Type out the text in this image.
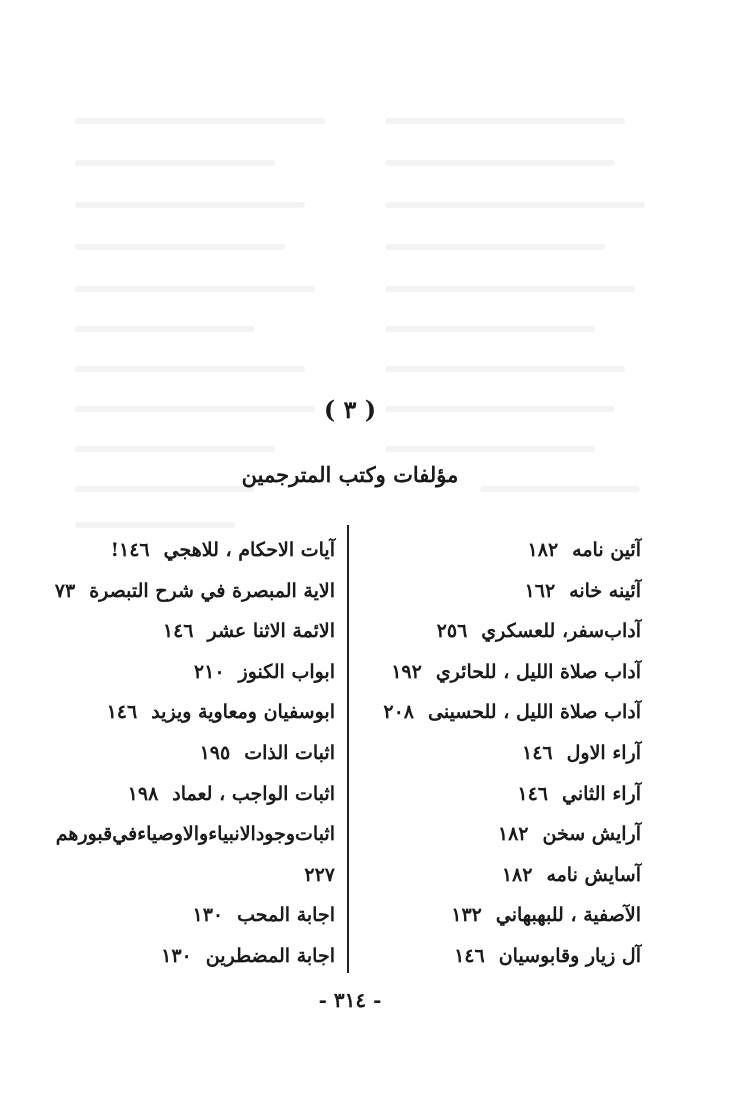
( ٣ )
مؤلفات وكتب المترجمين
آئين نامه١٨٢
آئينه خانه١٦٢
آداب‌سفر، للعسكري٢٥٦
آداب صلاة الليل ، للحائري١٩٢
آداب صلاة الليل ، للحسينى٢٠٨
آراء الاول١٤٦
آراء الثاني١٤٦
آرايش سخن١٨٢
آسايش نامه١٨٢
الآصفية ، للبهبهاني١٣٢
آل زيار وقابوسيان١٤٦
آيات الاحكام ، للاهجي١٤٦!
الاية المبصرة في شرح التبصرة٧٣
الائمة الاثنا عشر١٤٦
ابواب الكنوز٢١٠
ابوسفيان ومعاوية ويزيد١٤٦
اثبات الذات١٩٥
اثبات الواجب ، لعماد١٩٨
اثبات‌وجود‌الانبياء‌والاوصياء‌في‌قبورهم
٢٢٧
اجابة المحب١٣٠
اجابة المضطرين١٣٠
- ٣١٤ -
